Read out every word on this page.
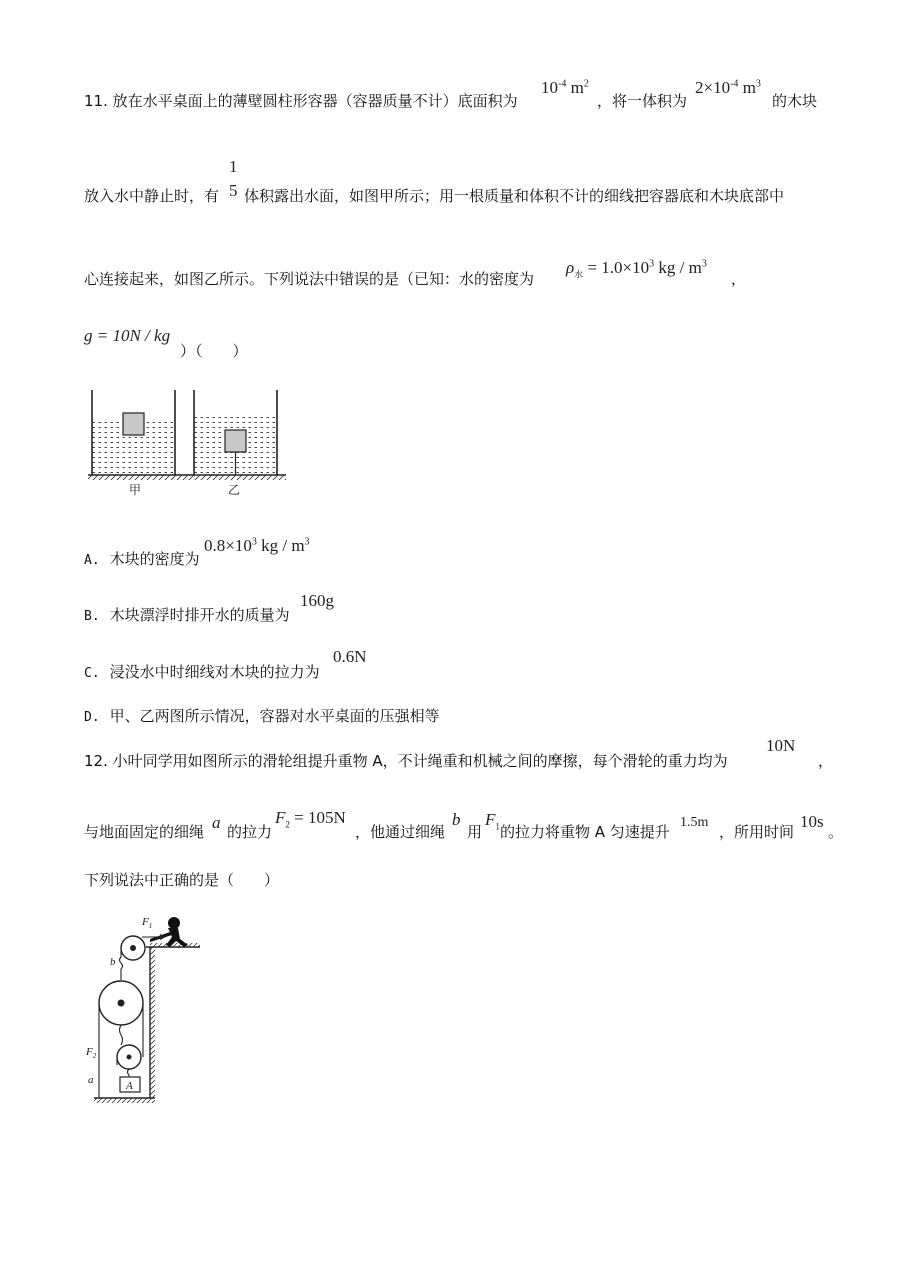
11. 放在水平桌面上的薄壁圆柱形容器（容器质量不计）底面积为
$10^{-4}$ $m^2$
，将一体积为
$2\times 10^{-4}$ $m^3$
的木块
放入水中静止时，有
1
5 体积露出水面，如图甲所示；用一根质量和体积不计的细线把容器底和木块底部中
心连接起来，如图乙所示。下列说法中错误的是（已知：水的密度为
$\rho_水 = 1.0\times 10^3$ kg / $m^3$
，
g = 10N / kg
）（　　）
甲	乙
A. 木块的密度为
$0.8\times 10^3$ kg / $m^3$
B. 木块漂浮时排开水的质量为
160g
C. 浸没水中时细线对木块的拉力为
0.6N
D. 甲、乙两图所示情况，容器对水平桌面的压强相等
12. 小叶同学用如图所示的滑轮组提升重物 A，不计绳重和机械之间的摩擦，每个滑轮的重力均为
10N
，
与地面固定的细绳 a 的拉力
$F_2 = 105N$
，他通过细绳
b
用
$F_1$ 的拉力将重物 A 匀速提升
1.5m
，所用时间
10s
。
下列说法中正确的是（　　）
$F_1$
b
A
$F_2$
a
